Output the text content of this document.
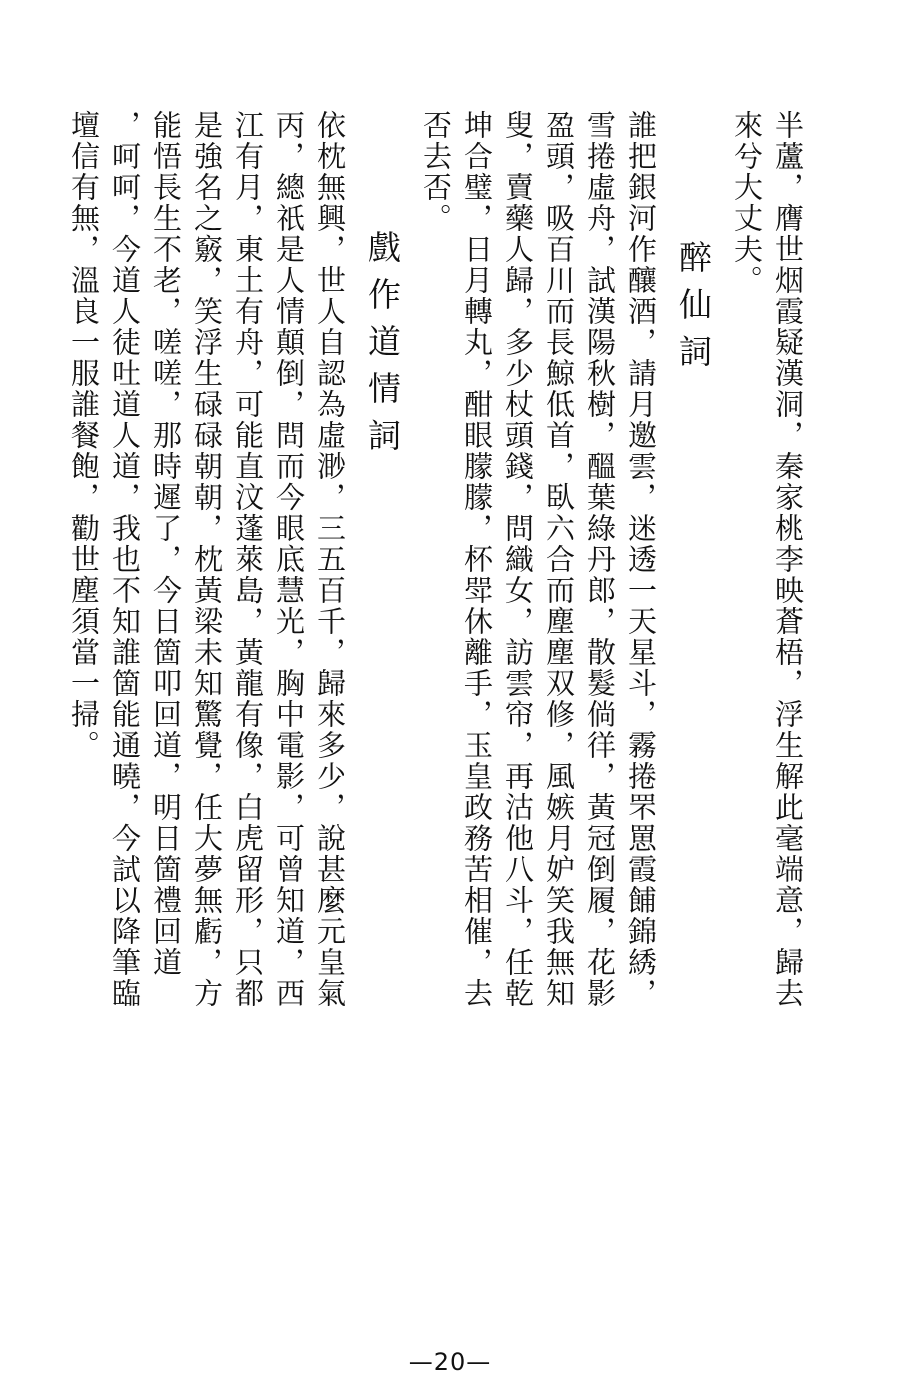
半蘆，膺世烟霞疑漢洞，秦家桃李映蒼梧，浮生解此毫端意，歸去
來兮大丈夫。
醉仙詞
誰把銀河作釀酒，請月邀雲，迷透一天星斗，霧捲罘罳霞餔錦綉，
雪捲虛舟，試漢陽秋樹，醞葉綠丹郎，散髮倘徉，黃冠倒履，花影
盈頭，吸百川而長鯨低首，臥六合而塵塵双修，風嫉月妒笑我無知
叟，賣藥人歸，多少杖頭錢，問織女，訪雲帘，再沽他八斗，任乾
坤合璧，日月轉丸，酣眼朦朦，杯斝休離手，玉皇政務苦相催，去
否去否。
戲作道情詞
依枕無興，世人自認為虛渺，三五百千，歸來多少，說甚麼元皇氣
丙，總祇是人情顛倒，問而今眼底慧光，胸中電影，可曾知道，西
江有月，東土有舟，可能直汶蓬萊島，黃龍有像，白虎留形，只都
是強名之竅，笑浮生碌碌朝朝，枕黃梁未知驚覺，任大夢無虧，方
能悟長生不老，嗟嗟，那時遲了，今日箇叩回道，明日箇禮回道
，呵呵，今道人徒吐道人道，我也不知誰箇能通曉，今試以降筆臨
壇信有無，溫良一服誰餐飽，勸世塵須當一掃。
—20—
